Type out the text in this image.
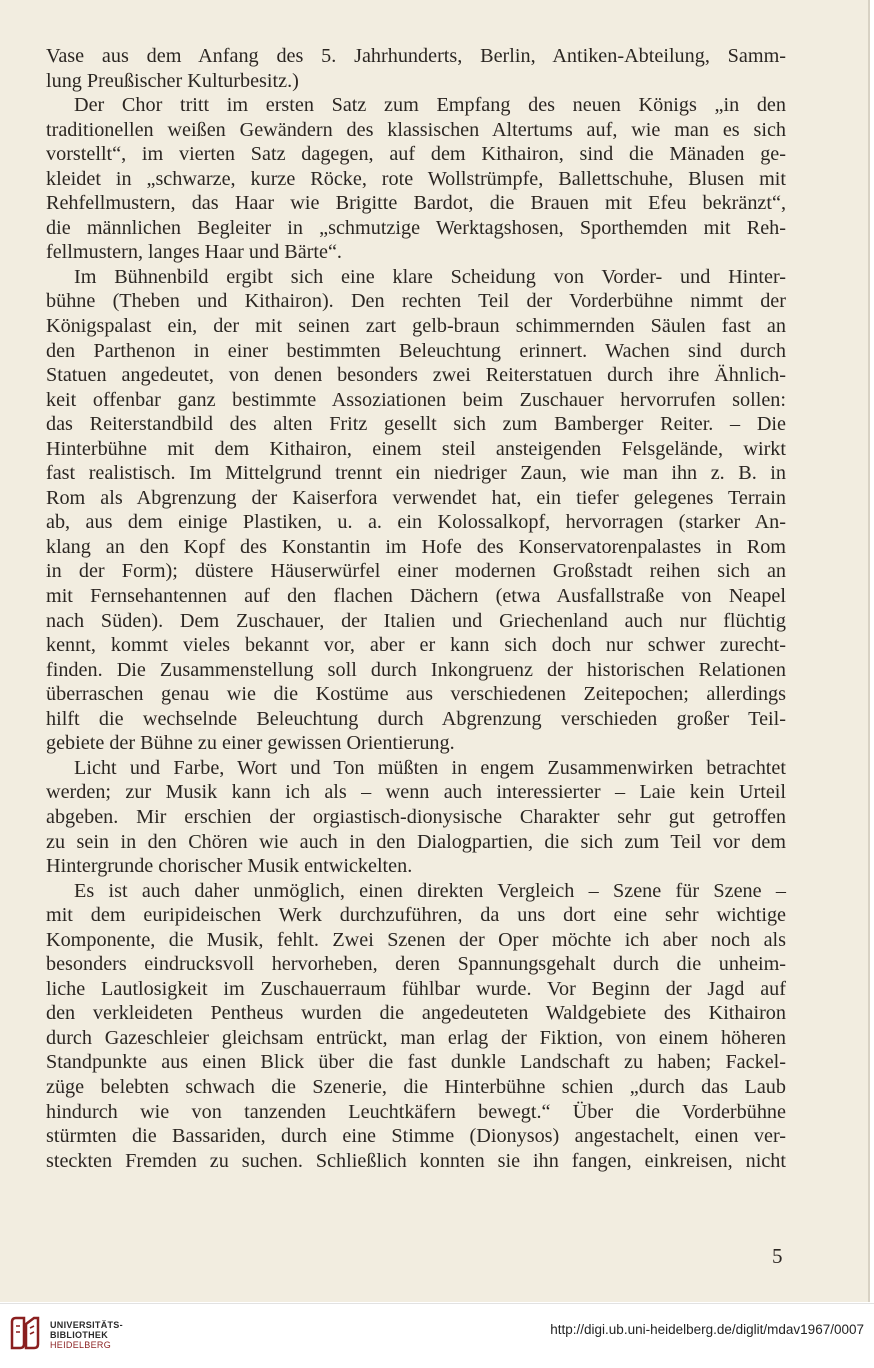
Vase aus dem Anfang des 5. Jahrhunderts, Berlin, Antiken-Abteilung, Samm-
lung Preußischer Kulturbesitz.)
Der Chor tritt im ersten Satz zum Empfang des neuen Königs „in den
traditionellen weißen Gewändern des klassischen Altertums auf, wie man es sich
vorstellt“, im vierten Satz dagegen, auf dem Kithairon, sind die Mänaden ge-
kleidet in „schwarze, kurze Röcke, rote Wollstrümpfe, Ballettschuhe, Blusen mit
Rehfellmustern, das Haar wie Brigitte Bardot, die Brauen mit Efeu bekränzt“,
die männlichen Begleiter in „schmutzige Werktagshosen, Sporthemden mit Reh-
fellmustern, langes Haar und Bärte“.
Im Bühnenbild ergibt sich eine klare Scheidung von Vorder- und Hinter-
bühne (Theben und Kithairon). Den rechten Teil der Vorderbühne nimmt der
Königspalast ein, der mit seinen zart gelb-braun schimmernden Säulen fast an
den Parthenon in einer bestimmten Beleuchtung erinnert. Wachen sind durch
Statuen angedeutet, von denen besonders zwei Reiterstatuen durch ihre Ähnlich-
keit offenbar ganz bestimmte Assoziationen beim Zuschauer hervorrufen sollen:
das Reiterstandbild des alten Fritz gesellt sich zum Bamberger Reiter. – Die
Hinterbühne mit dem Kithairon, einem steil ansteigenden Felsgelände, wirkt
fast realistisch. Im Mittelgrund trennt ein niedriger Zaun, wie man ihn z. B. in
Rom als Abgrenzung der Kaiserfora verwendet hat, ein tiefer gelegenes Terrain
ab, aus dem einige Plastiken, u. a. ein Kolossalkopf, hervorragen (starker An-
klang an den Kopf des Konstantin im Hofe des Konservatorenpalastes in Rom
in der Form); düstere Häuserwürfel einer modernen Großstadt reihen sich an
mit Fernsehantennen auf den flachen Dächern (etwa Ausfallstraße von Neapel
nach Süden). Dem Zuschauer, der Italien und Griechenland auch nur flüchtig
kennt, kommt vieles bekannt vor, aber er kann sich doch nur schwer zurecht-
finden. Die Zusammenstellung soll durch Inkongruenz der historischen Relationen
überraschen genau wie die Kostüme aus verschiedenen Zeitepochen; allerdings
hilft die wechselnde Beleuchtung durch Abgrenzung verschieden großer Teil-
gebiete der Bühne zu einer gewissen Orientierung.
Licht und Farbe, Wort und Ton müßten in engem Zusammenwirken betrachtet
werden; zur Musik kann ich als – wenn auch interessierter – Laie kein Urteil
abgeben. Mir erschien der orgiastisch-dionysische Charakter sehr gut getroffen
zu sein in den Chören wie auch in den Dialogpartien, die sich zum Teil vor dem
Hintergrunde chorischer Musik entwickelten.
Es ist auch daher unmöglich, einen direkten Vergleich – Szene für Szene –
mit dem euripideischen Werk durchzuführen, da uns dort eine sehr wichtige
Komponente, die Musik, fehlt. Zwei Szenen der Oper möchte ich aber noch als
besonders eindrucksvoll hervorheben, deren Spannungsgehalt durch die unheim-
liche Lautlosigkeit im Zuschauerraum fühlbar wurde. Vor Beginn der Jagd auf
den verkleideten Pentheus wurden die angedeuteten Waldgebiete des Kithairon
durch Gazeschleier gleichsam entrückt, man erlag der Fiktion, von einem höheren
Standpunkte aus einen Blick über die fast dunkle Landschaft zu haben; Fackel-
züge belebten schwach die Szenerie, die Hinterbühne schien „durch das Laub
hindurch wie von tanzenden Leuchtkäfern bewegt.“ Über die Vorderbühne
stürmten die Bassariden, durch eine Stimme (Dionysos) angestachelt, einen ver-
steckten Fremden zu suchen. Schließlich konnten sie ihn fangen, einkreisen, nicht
5
UNIVERSITÄTS-
BIBLIOTHEK
HEIDELBERG
http://digi.ub.uni-heidelberg.de/diglit/mdav1967/0007
